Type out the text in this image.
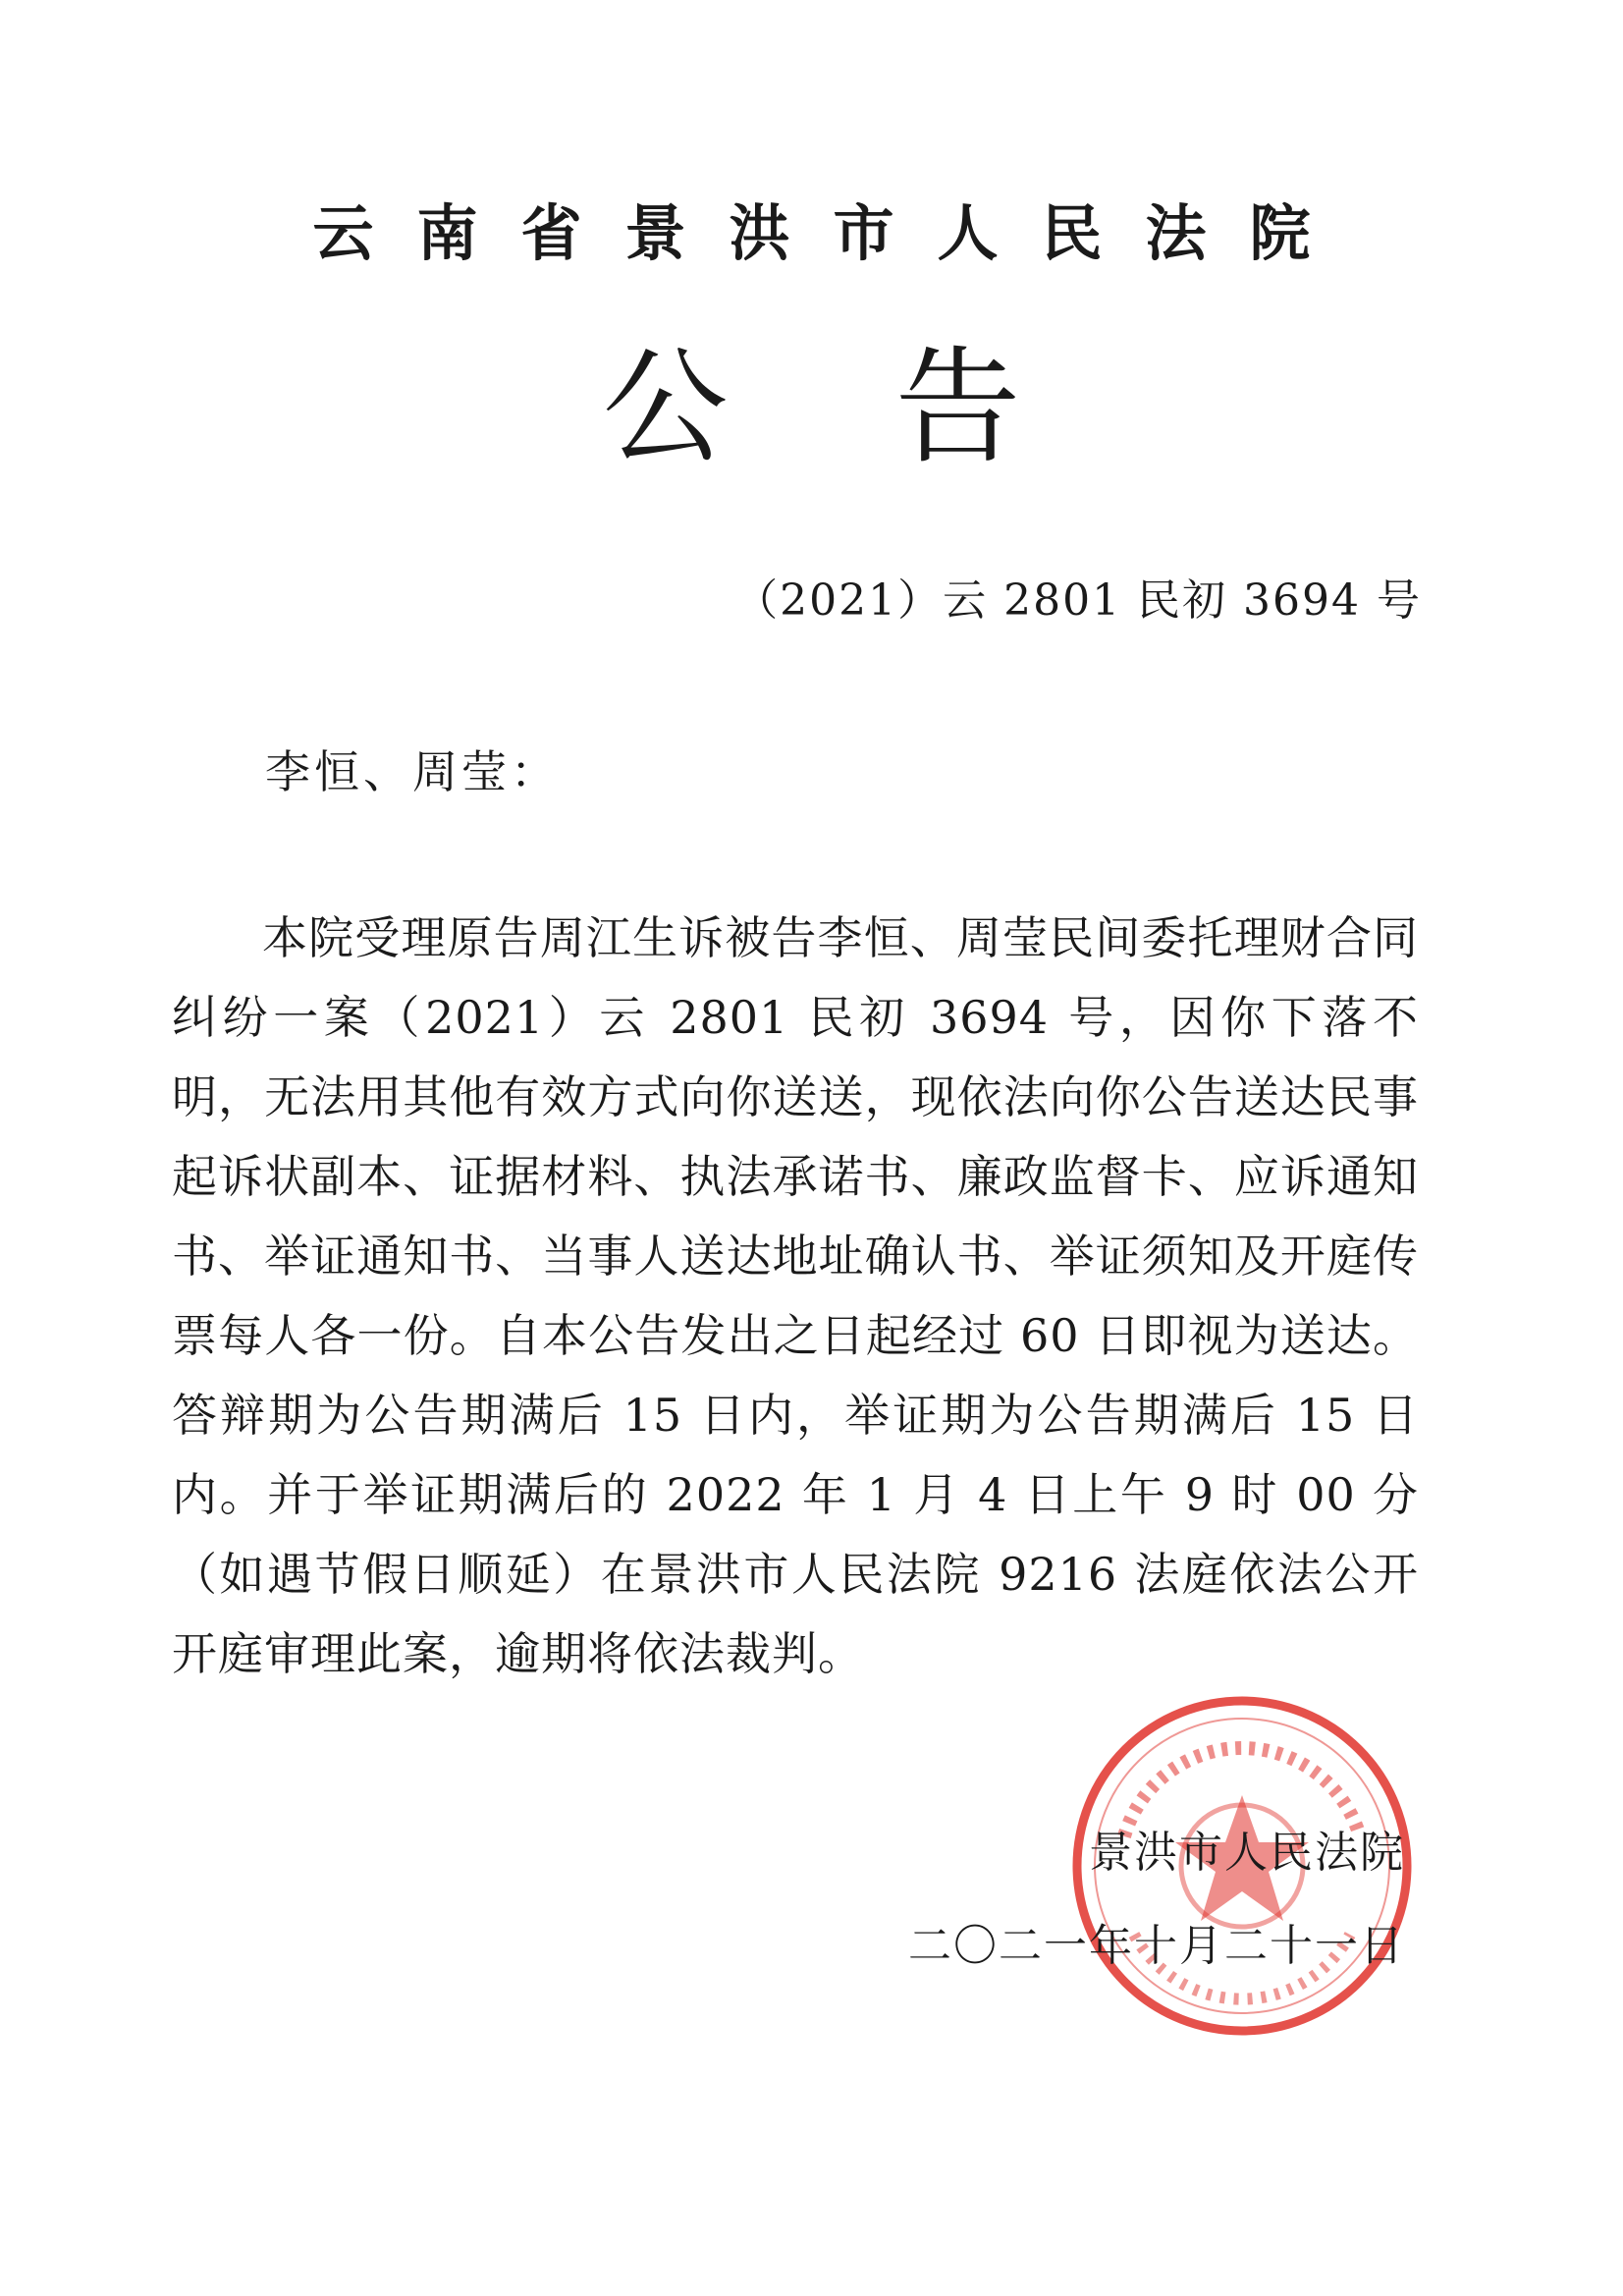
云南省景洪市人民法院
公告
（2021）云 2801 民初 3694 号
李恒、周莹：

本院受理原告周江生诉被告李恒、周莹民间委托理财合同纠纷一案（2021）云 2801 民初 3694 号，因你下落不明，无法用其他有效方式向你送送，现依法向你公告送达民事起诉状副本、证据材料、执法承诺书、廉政监督卡、应诉通知书、举证通知书、当事人送达地址确认书、举证须知及开庭传票每人各一份。自本公告发出之日起经过 60 日即视为送达。答辩期为公告期满后 15 日内，举证期为公告期满后 15 日内。并于举证期满后的 2022 年 1 月 4 日上午 9 时 00 分（如遇节假日顺延）在景洪市人民法院 9216 法庭依法公开开庭审理此案，逾期将依法裁判。

景洪市人民法院
二〇二一年十月二十一日
